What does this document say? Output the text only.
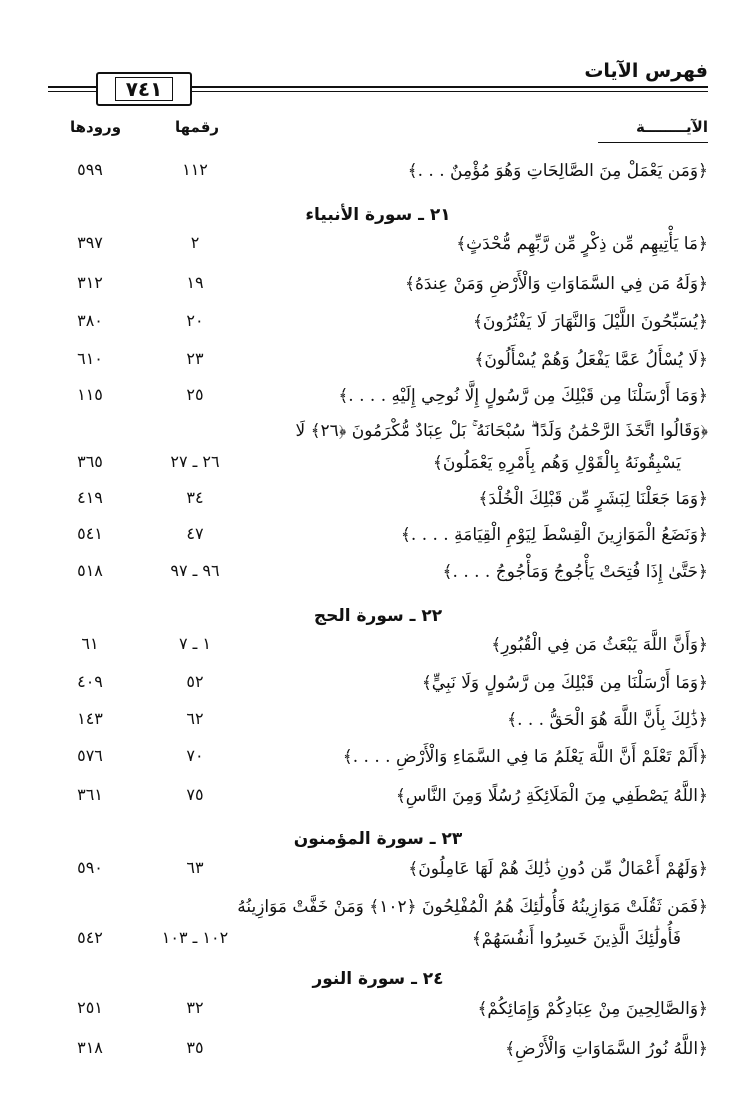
فهرس الآيات
٧٤١
الآيــــــــة
رقمها
ورودها
﴿وَمَن يَعْمَلْ مِنَ الصَّالِحَاتِ وَهُوَ مُؤْمِنٌ . . .﴾
١١٢
٥٩٩
٢١ ـ سورة الأنبياء
﴿مَا يَأْتِيهِم مِّن ذِكْرٍ مِّن رَّبِّهِم مُّحْدَثٍ﴾
٢
٣٩٧
﴿وَلَهُ مَن فِي السَّمَاوَاتِ وَالْأَرْضِ وَمَنْ عِندَهُ﴾
١٩
٣١٢
﴿يُسَبِّحُونَ اللَّيْلَ وَالنَّهَارَ لَا يَفْتُرُونَ﴾
٢٠
٣٨٠
﴿لَا يُسْأَلُ عَمَّا يَفْعَلُ وَهُمْ يُسْأَلُونَ﴾
٢٣
٦١٠
﴿وَمَا أَرْسَلْنَا مِن قَبْلِكَ مِن رَّسُولٍ إِلَّا نُوحِي إِلَيْهِ . . . .﴾
٢٥
١١٥
﴿وَقَالُوا اتَّخَذَ الرَّحْمَٰنُ وَلَدًا ۗ سُبْحَانَهُ ۚ بَلْ عِبَادٌ مُّكْرَمُونَ ﴿٢٦﴾ لَا
يَسْبِقُونَهُ بِالْقَوْلِ وَهُم بِأَمْرِهِ يَعْمَلُونَ﴾
٢٦ ـ ٢٧
٣٦٥
﴿وَمَا جَعَلْنَا لِبَشَرٍ مِّن قَبْلِكَ الْخُلْدَ﴾
٣٤
٤١٩
﴿وَنَضَعُ الْمَوَازِينَ الْقِسْطَ لِيَوْمِ الْقِيَامَةِ . . . .﴾
٤٧
٥٤١
﴿حَتَّىٰ إِذَا فُتِحَتْ يَأْجُوجُ وَمَأْجُوجُ . . . .﴾
٩٦ ـ ٩٧
٥١٨
٢٢ ـ سورة الحج
﴿وَأَنَّ اللَّهَ يَبْعَثُ مَن فِي الْقُبُورِ﴾
١ ـ ٧
٦١
﴿وَمَا أَرْسَلْنَا مِن قَبْلِكَ مِن رَّسُولٍ وَلَا نَبِيٍّ﴾
٥٢
٤٠٩
﴿ذَٰلِكَ بِأَنَّ اللَّهَ هُوَ الْحَقُّ . . .﴾
٦٢
١٤٣
﴿أَلَمْ تَعْلَمْ أَنَّ اللَّهَ يَعْلَمُ مَا فِي السَّمَاءِ وَالْأَرْضِ . . . .﴾
٧٠
٥٧٦
﴿اللَّهُ يَصْطَفِي مِنَ الْمَلَائِكَةِ رُسُلًا وَمِنَ النَّاسِ﴾
٧٥
٣٦١
٢٣ ـ سورة المؤمنون
﴿وَلَهُمْ أَعْمَالٌ مِّن دُونِ ذَٰلِكَ هُمْ لَهَا عَامِلُونَ﴾
٦٣
٥٩٠
﴿فَمَن ثَقُلَتْ مَوَازِينُهُ فَأُولَٰئِكَ هُمُ الْمُفْلِحُونَ ﴿١٠٢﴾ وَمَنْ خَفَّتْ مَوَازِينُهُ
فَأُولَٰئِكَ الَّذِينَ خَسِرُوا أَنفُسَهُمْ﴾
١٠٢ ـ ١٠٣
٥٤٢
٢٤ ـ سورة النور
﴿وَالصَّالِحِينَ مِنْ عِبَادِكُمْ وَإِمَائِكُمْ﴾
٣٢
٢٥١
﴿اللَّهُ نُورُ السَّمَاوَاتِ وَالْأَرْضِ﴾
٣٥
٣١٨
